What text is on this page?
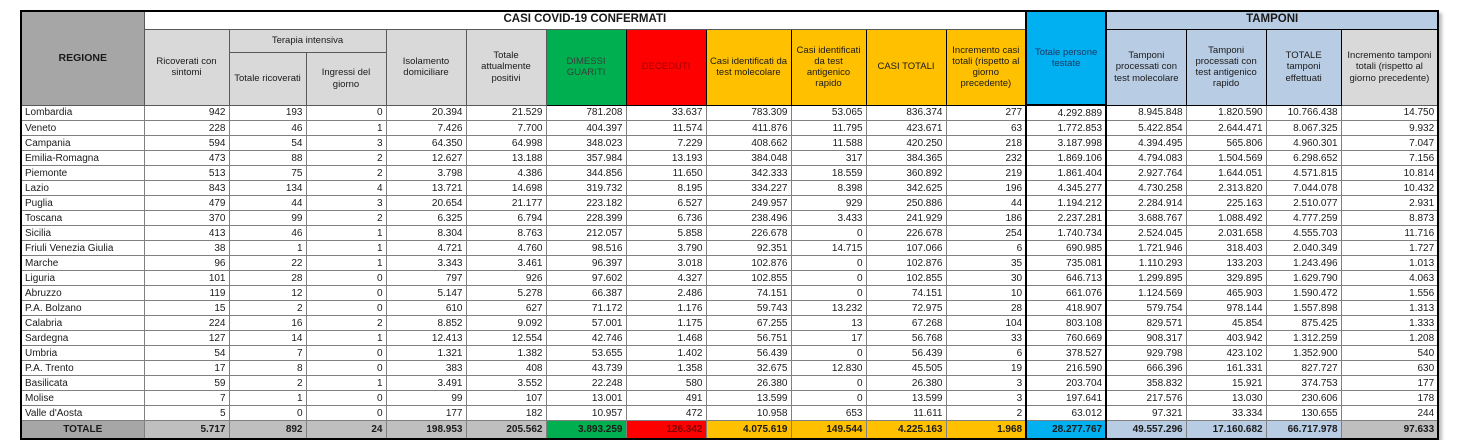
REGIONE	CASI COVID-19 CONFERMATI											Totale persone testate	TAMPONI			
	Ricoverati con sintomi	Terapia intensiva		Isolamento domiciliare	Totale attualmente positivi	DIMESSI GUARITI	DECEDUTI	Casi identificati da test molecolare	Casi identificati da test antigenico rapido	CASI TOTALI	Incremento casi totali (rispetto al giorno precedente)		Tamponi processati con test molecolare	Tamponi processati con test antigenico rapido	TOTALE tamponi effettuati	Incremento tamponi totali (rispetto al giorno precedente)
		Totale ricoverati	Ingressi del giorno													
Lombardia	942	193	0	20.394	21.529	781.208	33.637	783.309	53.065	836.374	277	4.292.889	8.945.848	1.820.590	10.766.438	14.750
Veneto	228	46	1	7.426	7.700	404.397	11.574	411.876	11.795	423.671	63	1.772.853	5.422.854	2.644.471	8.067.325	9.932
Campania	594	54	3	64.350	64.998	348.023	7.229	408.662	11.588	420.250	218	3.187.998	4.394.495	565.806	4.960.301	7.047
Emilia-Romagna	473	88	2	12.627	13.188	357.984	13.193	384.048	317	384.365	232	1.869.106	4.794.083	1.504.569	6.298.652	7.156
Piemonte	513	75	2	3.798	4.386	344.856	11.650	342.333	18.559	360.892	219	1.861.404	2.927.764	1.644.051	4.571.815	10.814
Lazio	843	134	4	13.721	14.698	319.732	8.195	334.227	8.398	342.625	196	4.345.277	4.730.258	2.313.820	7.044.078	10.432
Puglia	479	44	3	20.654	21.177	223.182	6.527	249.957	929	250.886	44	1.194.212	2.284.914	225.163	2.510.077	2.931
Toscana	370	99	2	6.325	6.794	228.399	6.736	238.496	3.433	241.929	186	2.237.281	3.688.767	1.088.492	4.777.259	8.873
Sicilia	413	46	1	8.304	8.763	212.057	5.858	226.678	0	226.678	254	1.740.734	2.524.045	2.031.658	4.555.703	11.716
Friuli Venezia Giulia	38	1	1	4.721	4.760	98.516	3.790	92.351	14.715	107.066	6	690.985	1.721.946	318.403	2.040.349	1.727
Marche	96	22	1	3.343	3.461	96.397	3.018	102.876	0	102.876	35	735.081	1.110.293	133.203	1.243.496	1.013
Liguria	101	28	0	797	926	97.602	4.327	102.855	0	102.855	30	646.713	1.299.895	329.895	1.629.790	4.063
Abruzzo	119	12	0	5.147	5.278	66.387	2.486	74.151	0	74.151	10	661.076	1.124.569	465.903	1.590.472	1.556
P.A. Bolzano	15	2	0	610	627	71.172	1.176	59.743	13.232	72.975	28	418.907	579.754	978.144	1.557.898	1.313
Calabria	224	16	2	8.852	9.092	57.001	1.175	67.255	13	67.268	104	803.108	829.571	45.854	875.425	1.333
Sardegna	127	14	1	12.413	12.554	42.746	1.468	56.751	17	56.768	33	760.669	908.317	403.942	1.312.259	1.208
Umbria	54	7	0	1.321	1.382	53.655	1.402	56.439	0	56.439	6	378.527	929.798	423.102	1.352.900	540
P.A. Trento	17	8	0	383	408	43.739	1.358	32.675	12.830	45.505	19	216.590	666.396	161.331	827.727	630
Basilicata	59	2	1	3.491	3.552	22.248	580	26.380	0	26.380	3	203.704	358.832	15.921	374.753	177
Molise	7	1	0	99	107	13.001	491	13.599	0	13.599	3	197.641	217.576	13.030	230.606	178
Valle d'Aosta	5	0	0	177	182	10.957	472	10.958	653	11.611	2	63.012	97.321	33.334	130.655	244
TOTALE	5.717	892	24	198.953	205.562	3.893.259	126.342	4.075.619	149.544	4.225.163	1.968	28.277.767	49.557.296	17.160.682	66.717.978	97.633
